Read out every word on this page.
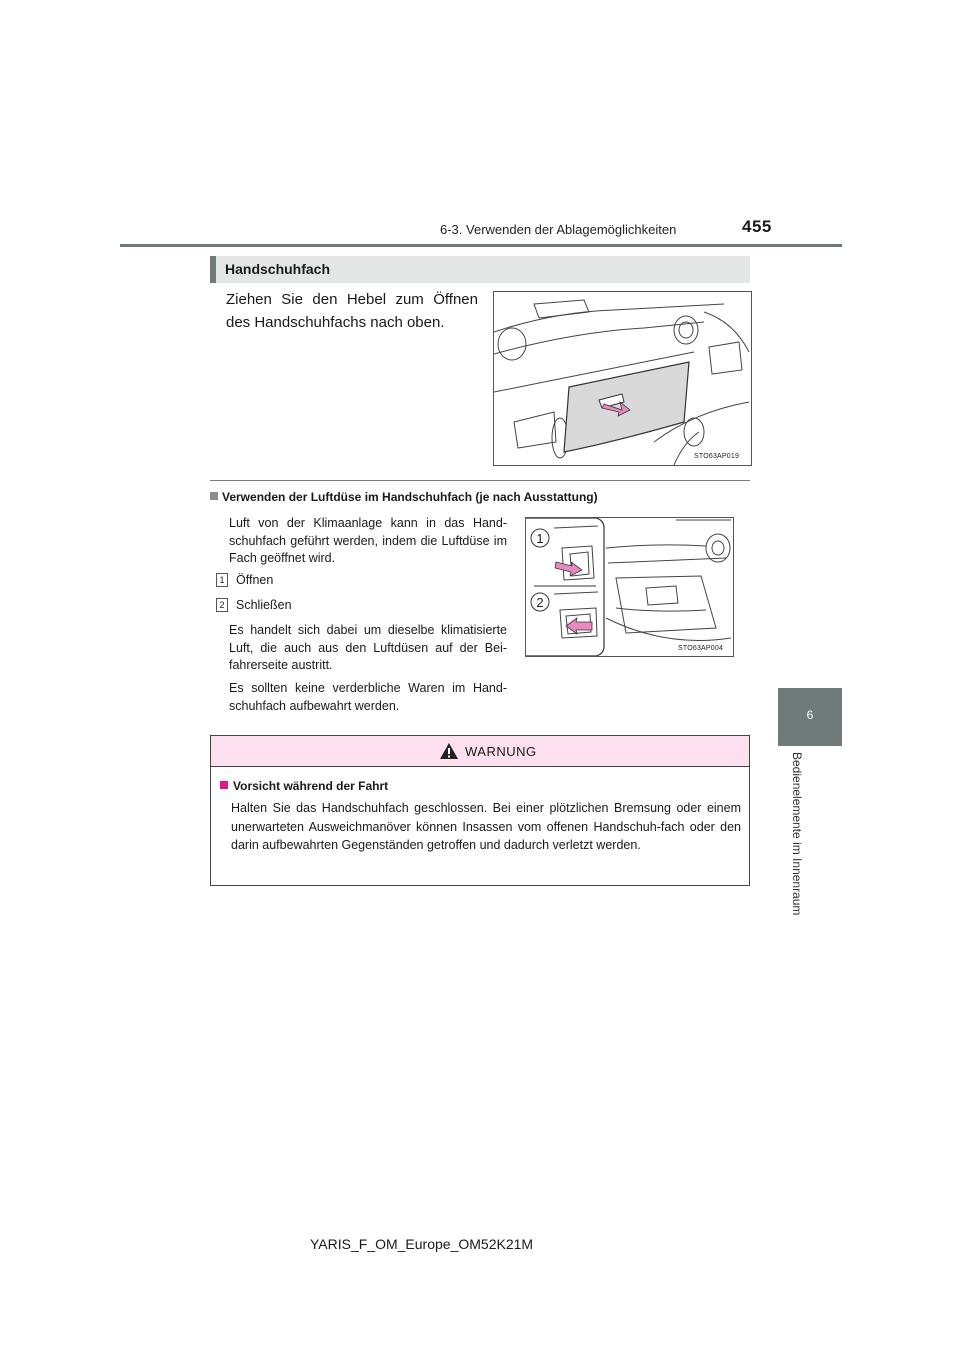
6-3. Verwenden der Ablagemöglichkeiten	455
6
Bedienelemente im Innenraum
Handschuhfach
Ziehen Sie den Hebel zum Öffnen des Handschuhfachs nach oben.
STO63AP019
Verwenden der Luftdüse im Handschuhfach (je nach Ausstattung)
Luft von der Klimaanlage kann in das Hand-schuhfach geführt werden, indem die Luftdüse im Fach geöffnet wird.
1 Öffnen
2 Schließen
Es handelt sich dabei um dieselbe klimatisierte Luft, die auch aus den Luftdüsen auf der Bei-fahrerseite austritt.
Es sollten keine verderbliche Waren im Hand-schuhfach aufbewahrt werden.
1
2
STO63AP004
WARNUNG
Vorsicht während der Fahrt
Halten Sie das Handschuhfach geschlossen. Bei einer plötzlichen Bremsung oder einem unerwarteten Ausweichmanöver können Insassen vom offenen Handschuh-fach oder den darin aufbewahrten Gegenständen getroffen und dadurch verletzt werden.
YARIS_F_OM_Europe_OM52K21M
